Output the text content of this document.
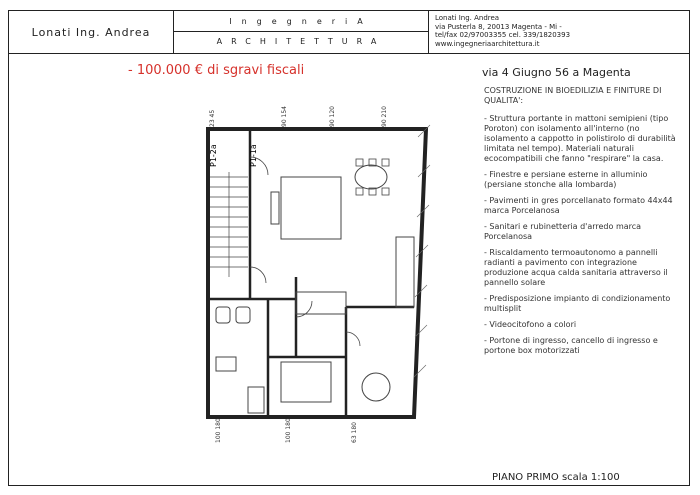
Lonati Ing. Andrea
IngegneriA
ARCHITETTURA
Lonati Ing. Andrea
via Pusterla 8, 20013 Magenta - Mi -
tel/fax 02/97003355 cel. 339/1820393
www.ingegneriaarchitettura.it
- 100.000 € di sgravi fiscali	via 4 Giugno 56 a Magenta
COSTRUZIONE IN BIOEDILIZIA E FINITURE DI QUALITA':
- Struttura portante in mattoni semipieni (tipo Poroton) con isolamento all'interno (no isolamento a cappotto in polistirolo di durabilità limitata nel tempo). Materiali naturali ecocompatibili che fanno "respirare" la casa.
- Finestre e persiane esterne in alluminio (persiane stonche alla lombarda)
- Pavimenti in gres porcellanato formato 44x44 marca Porcelanosa
- Sanitari e rubinetteria d'arredo marca Porcelanosa
- Riscaldamento termoautonomo a pannelli radianti a pavimento con integrazione produzione acqua calda sanitaria attraverso il pannello solare
- Predisposizione impianto di condizionamento multisplit
- Videocitofono a colori
- Portone di ingresso, cancello di ingresso e portone box motorizzati
P1-1a
P1-2a
23 45	90 154	90 120	90 210
100 180	100 180	63 180
PIANO PRIMO scala 1:100
